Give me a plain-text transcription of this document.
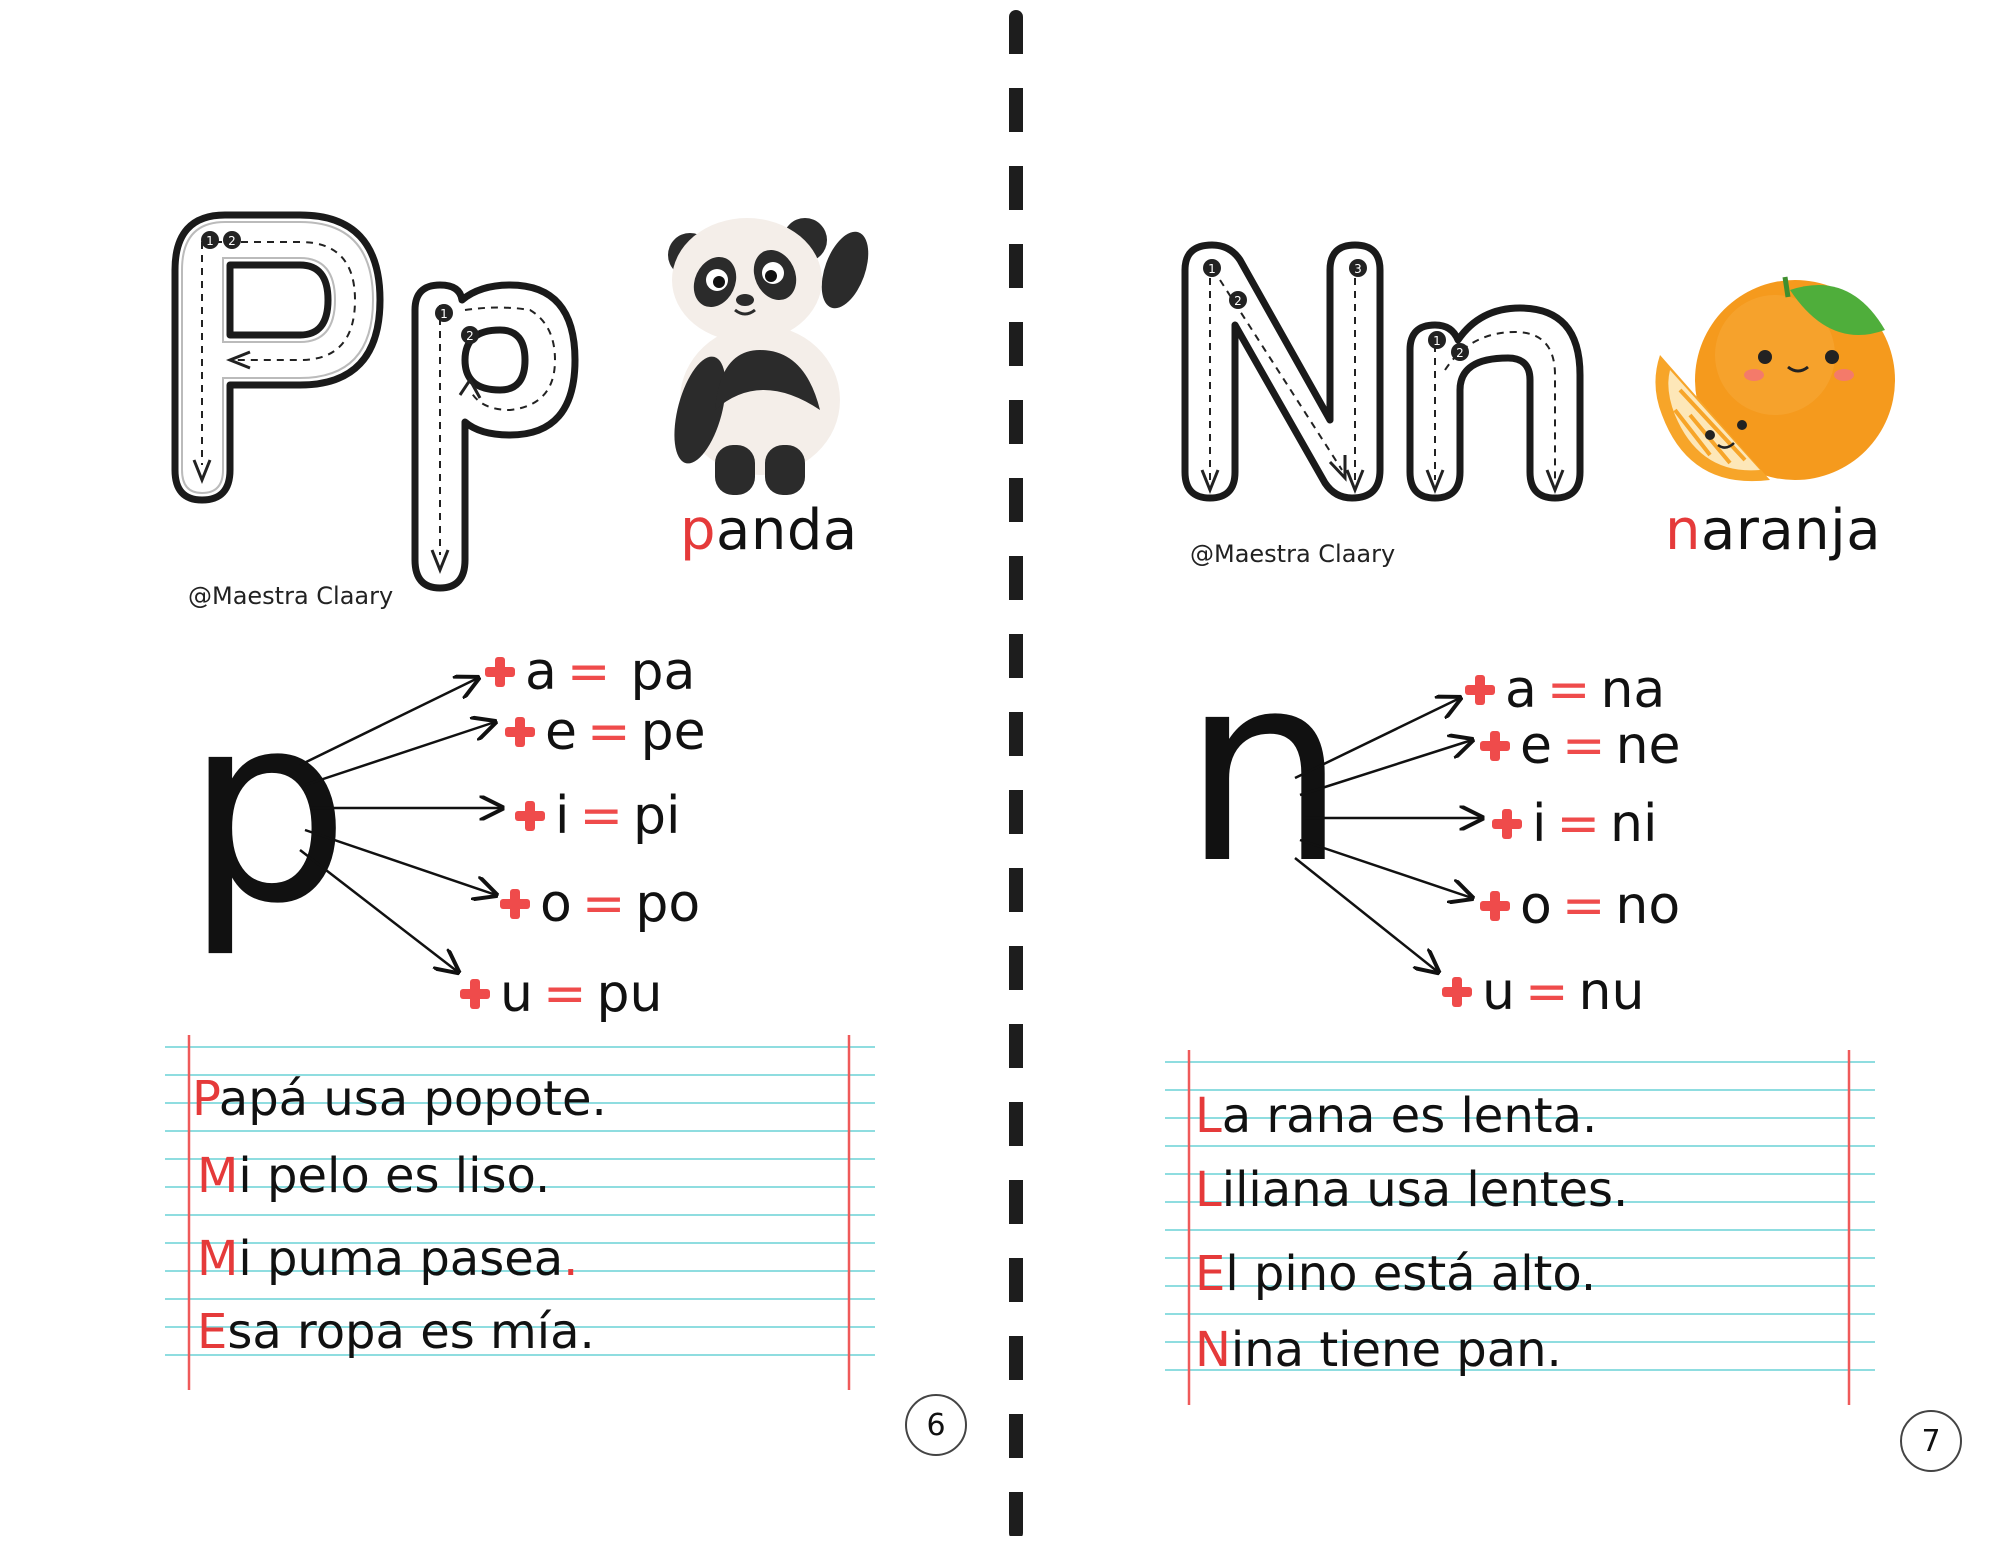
1 2
1
2
panda
@Maestra Claary
p	a = pa
e = pe
i = pi
o = po
u = pu
Papá usa popote.
Mi pelo es liso.
Mi puma pasea.
Esa ropa es mía.
6
1
2
3
1
2
naranja
@Maestra Claary
n	a = na
e = ne
i = ni
o = no
u = nu
La rana es lenta.
Liliana usa lentes.
El pino está alto.
Nina tiene pan.
7
